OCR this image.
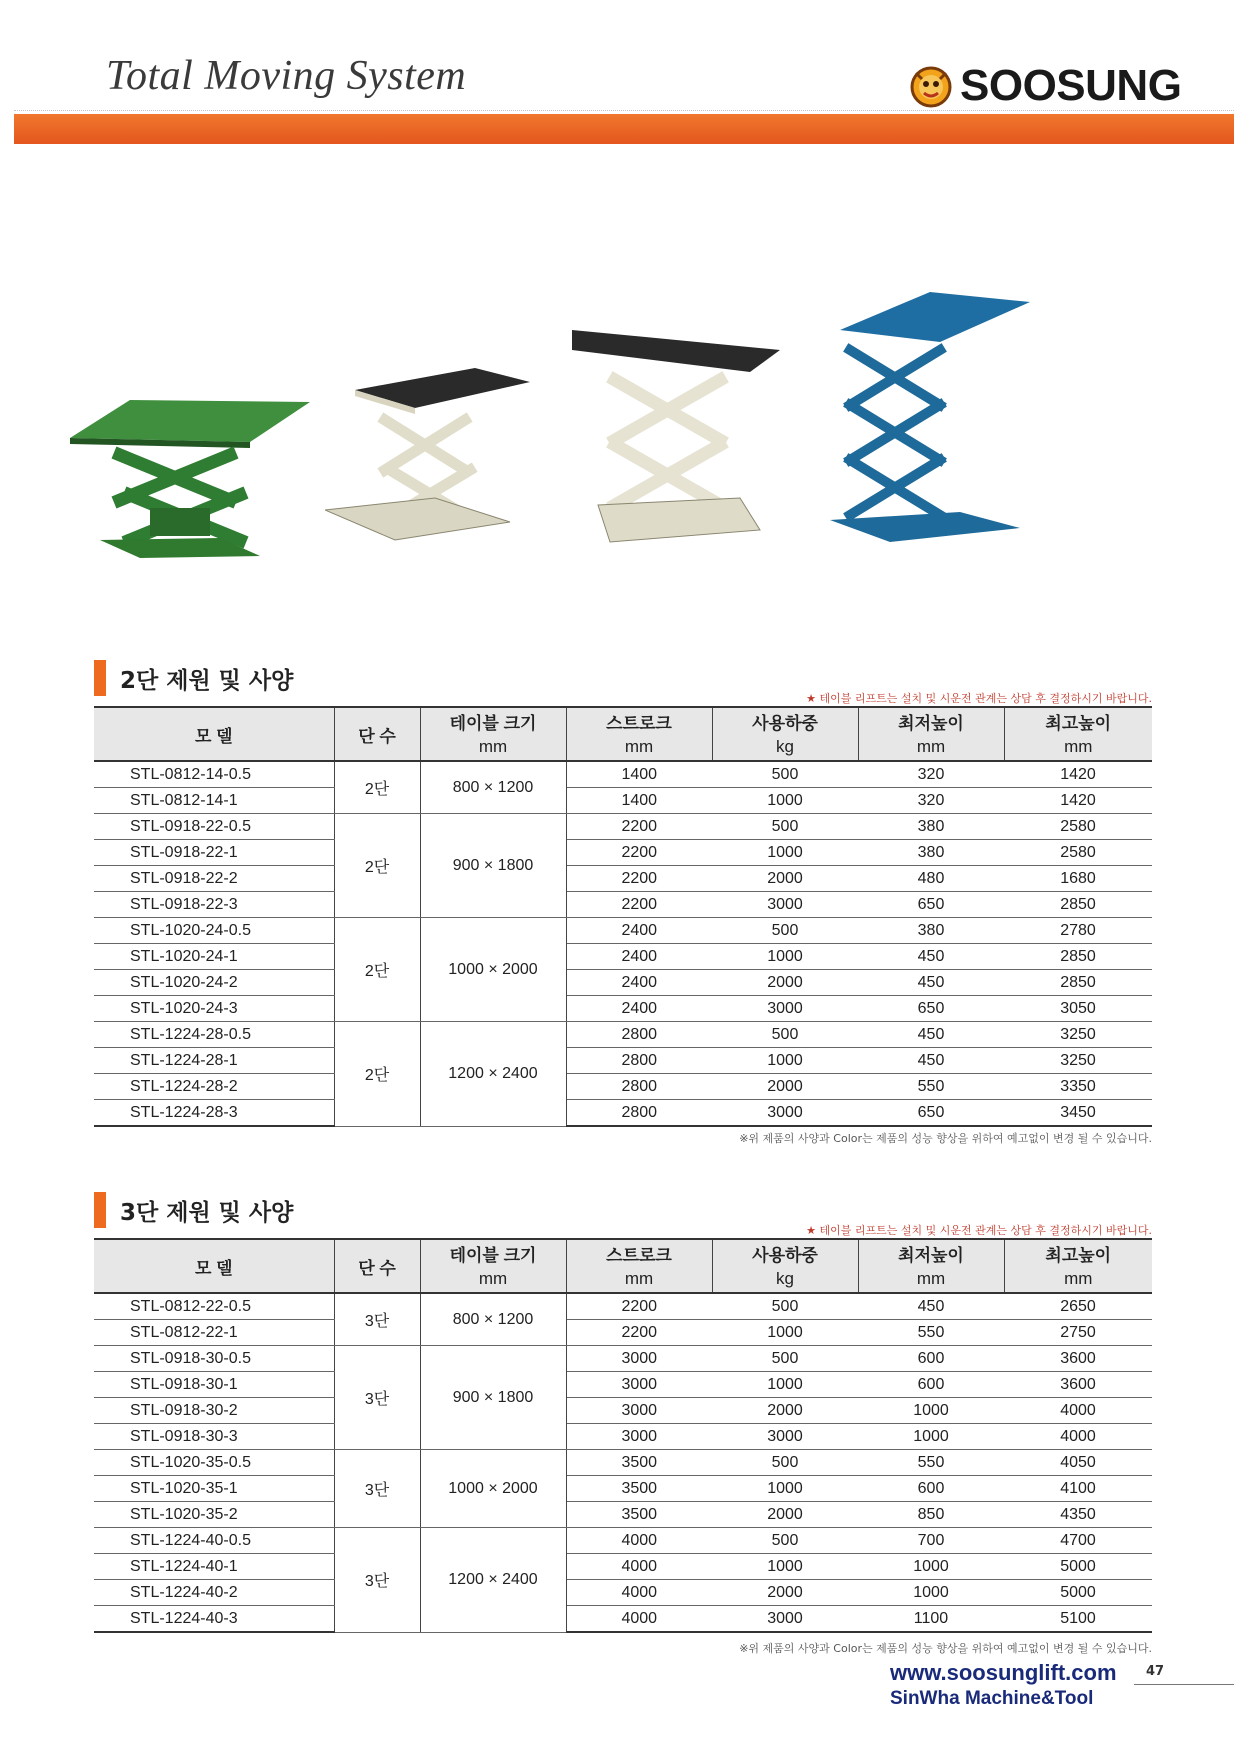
Total Moving System	SOOSUNG
2단 제원 및 사양
★ 테이블 리프트는 설치 및 시운전 관계는 상담 후 결정하시기 바랍니다.
모 델	단 수	테이블 크기	스트로크	사용하중	최저높이	최고높이
		mm	mm	kg	mm	mm
STL-0812-14-0.5	2단	800 × 1200	1400	500	320	1420
STL-0812-14-1			1400	1000	320	1420
STL-0918-22-0.5	2단	900 × 1800	2200	500	380	2580
STL-0918-22-1			2200	1000	380	2580
STL-0918-22-2			2200	2000	480	1680
STL-0918-22-3			2200	3000	650	2850
STL-1020-24-0.5	2단	1000 × 2000	2400	500	380	2780
STL-1020-24-1			2400	1000	450	2850
STL-1020-24-2			2400	2000	450	2850
STL-1020-24-3			2400	3000	650	3050
STL-1224-28-0.5	2단	1200 × 2400	2800	500	450	3250
STL-1224-28-1			2800	1000	450	3250
STL-1224-28-2			2800	2000	550	3350
STL-1224-28-3			2800	3000	650	3450
※위 제품의 사양과 Color는 제품의 성능 향상을 위하여 예고없이 변경 될 수 있습니다.
3단 제원 및 사양
★ 테이블 리프트는 설치 및 시운전 관계는 상담 후 결정하시기 바랍니다.
모 델	단 수	테이블 크기	스트로크	사용하중	최저높이	최고높이
		mm	mm	kg	mm	mm
STL-0812-22-0.5	3단	800 × 1200	2200	500	450	2650
STL-0812-22-1			2200	1000	550	2750
STL-0918-30-0.5	3단	900 × 1800	3000	500	600	3600
STL-0918-30-1			3000	1000	600	3600
STL-0918-30-2			3000	2000	1000	4000
STL-0918-30-3			3000	3000	1000	4000
STL-1020-35-0.5	3단	1000 × 2000	3500	500	550	4050
STL-1020-35-1			3500	1000	600	4100
STL-1020-35-2			3500	2000	850	4350
STL-1224-40-0.5	3단	1200 × 2400	4000	500	700	4700
STL-1224-40-1			4000	1000	1000	5000
STL-1224-40-2			4000	2000	1000	5000
STL-1224-40-3			4000	3000	1100	5100
※위 제품의 사양과 Color는 제품의 성능 향상을 위하여 예고없이 변경 될 수 있습니다.
www.soosunglift.com
SinWha Machine&Tool
47
